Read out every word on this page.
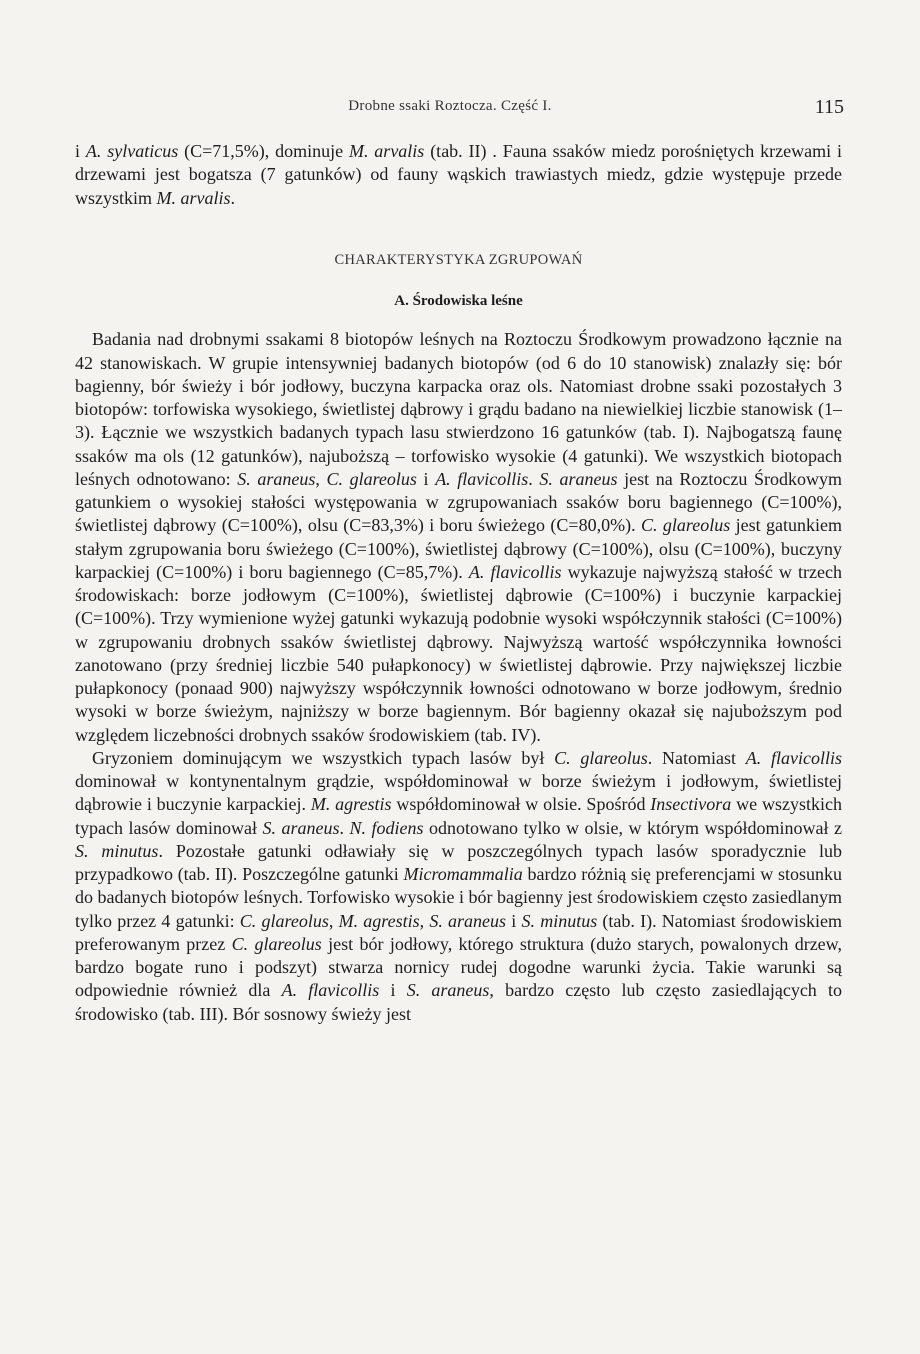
Drobne ssaki Roztocza. Część I.	115

i A. sylvaticus (C=71,5%), dominuje M. arvalis (tab. II) . Fauna ssaków miedz porośniętych krzewami i drzewami jest bogatsza (7 gatunków) od fauny wąskich trawiastych miedz, gdzie występuje przede wszystkim M. arvalis.

CHARAKTERYSTYKA ZGRUPOWAŃ
A. Środowiska leśne

Badania nad drobnymi ssakami 8 biotopów leśnych na Roztoczu Środkowym prowadzono łącznie na 42 stanowiskach. W grupie intensywniej badanych biotopów (od 6 do 10 stanowisk) znalazły się: bór bagienny, bór świeży i bór jodłowy, buczyna karpacka oraz ols. Natomiast drobne ssaki pozostałych 3 biotopów: torfowiska wysokiego, świetlistej dąbrowy i grądu badano na niewielkiej liczbie stanowisk (1–3). Łącznie we wszystkich badanych typach lasu stwierdzono 16 gatunków (tab. I). Najbogatszą faunę ssaków ma ols (12 gatunków), najuboższą – torfowisko wysokie (4 gatunki). We wszystkich biotopach leśnych odnotowano: S. araneus, C. glareolus i A. flavicollis. S. araneus jest na Roztoczu Środkowym gatunkiem o wysokiej stałości występowania w zgrupowaniach ssaków boru bagiennego (C=100%), świetlistej dąbrowy (C=100%), olsu (C=83,3%) i boru świeżego (C=80,0%). C. glareolus jest gatunkiem stałym zgrupowania boru świeżego (C=100%), świetlistej dąbrowy (C=100%), olsu (C=100%), buczyny karpackiej (C=100%) i boru bagiennego (C=85,7%). A. flavicollis wykazuje najwyższą stałość w trzech środowiskach: borze jodłowym (C=100%), świetlistej dąbrowie (C=100%) i buczynie karpackiej (C=100%). Trzy wymienione wyżej gatunki wykazują podobnie wysoki współczynnik stałości (C=100%) w zgrupowaniu drobnych ssaków świetlistej dąbrowy. Najwyższą wartość współczynnika łowności zanotowano (przy średniej liczbie 540 pułapkonocy) w świetlistej dąbrowie. Przy największej liczbie pułapkonocy (ponaad 900) najwyższy współczynnik łowności odnotowano w borze jodłowym, średnio wysoki w borze świeżym, najniższy w borze bagiennym. Bór bagienny okazał się najuboższym pod względem liczebności drobnych ssaków środowiskiem (tab. IV).

Gryzoniem dominującym we wszystkich typach lasów był C. glareolus. Natomiast A. flavicollis dominował w kontynentalnym grądzie, współdominował w borze świeżym i jodłowym, świetlistej dąbrowie i buczynie karpackiej. M. agrestis współdominował w olsie. Spośród Insectivora we wszystkich typach lasów dominował S. araneus. N. fodiens odnotowano tylko w olsie, w którym współdominował z S. minutus. Pozostałe gatunki odławiały się w poszczególnych typach lasów sporadycznie lub przypadkowo (tab. II). Poszczególne gatunki Micromammalia bardzo różnią się preferencjami w stosunku do badanych biotopów leśnych. Torfowisko wysokie i bór bagienny jest środowiskiem często zasiedlanym tylko przez 4 gatunki: C. glareolus, M. agrestis, S. araneus i S. minutus (tab. I). Natomiast środowiskiem preferowanym przez C. glareolus jest bór jodłowy, którego struktura (dużo starych, powalonych drzew, bardzo bogate runo i podszyt) stwarza nornicy rudej dogodne warunki życia. Takie warunki są odpowiednie również dla A. flavicollis i S. araneus, bardzo często lub często zasiedlających to środowisko (tab. III). Bór sosnowy świeży jest
